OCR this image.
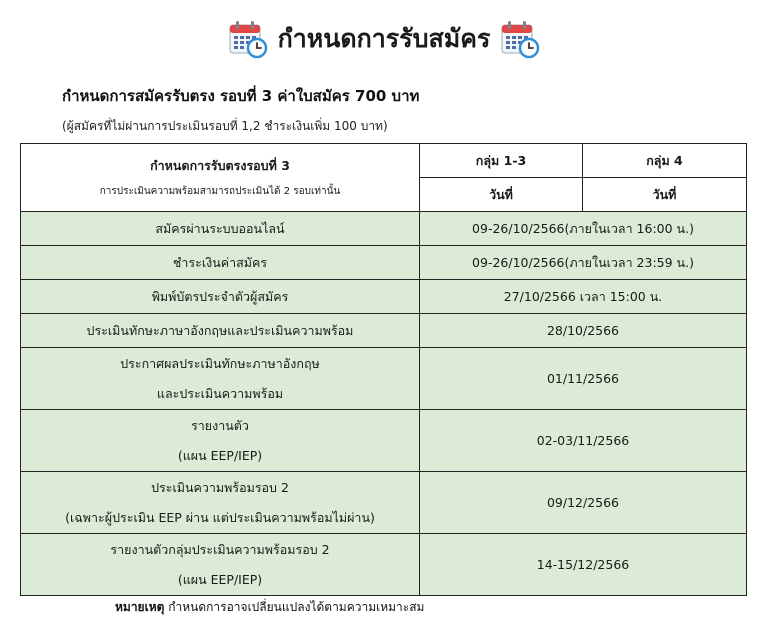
กำหนดการรับสมัคร
กำหนดการสมัครรับตรง รอบที่ 3 ค่าใบสมัคร 700 บาท
(ผู้สมัครที่ไม่ผ่านการประเมินรอบที่ 1,2 ชำระเงินเพิ่ม 100 บาท)
กำหนดการรับตรงรอบที่ 3
การประเมินความพร้อมสามารถประเมินได้ 2 รอบเท่านั้น	กลุ่ม 1-3	กลุ่ม 4
	วันที่	วันที่
สมัครผ่านระบบออนไลน์	09-26/10/2566(ภายในเวลา 16:00 น.)	
ชำระเงินค่าสมัคร	09-26/10/2566(ภายในเวลา 23:59 น.)	
พิมพ์บัตรประจำตัวผู้สมัคร	27/10/2566 เวลา 15:00 น.	
ประเมินทักษะภาษาอังกฤษและประเมินความพร้อม	28/10/2566	

ประกาศผลประเมินทักษะภาษาอังกฤษ
และประเมินความพร้อม	01/11/2566	

รายงานตัว
(แผน EEP/IEP)	02-03/11/2566	

ประเมินความพร้อมรอบ 2
(เฉพาะผู้ประเมิน EEP ผ่าน แต่ประเมินความพร้อมไม่ผ่าน)	09/12/2566	

รายงานตัวกลุ่มประเมินความพร้อมรอบ 2
(แผน EEP/IEP)	14-15/12/2566	
หมายเหตุ กำหนดการอาจเปลี่ยนแปลงได้ตามความเหมาะสม
